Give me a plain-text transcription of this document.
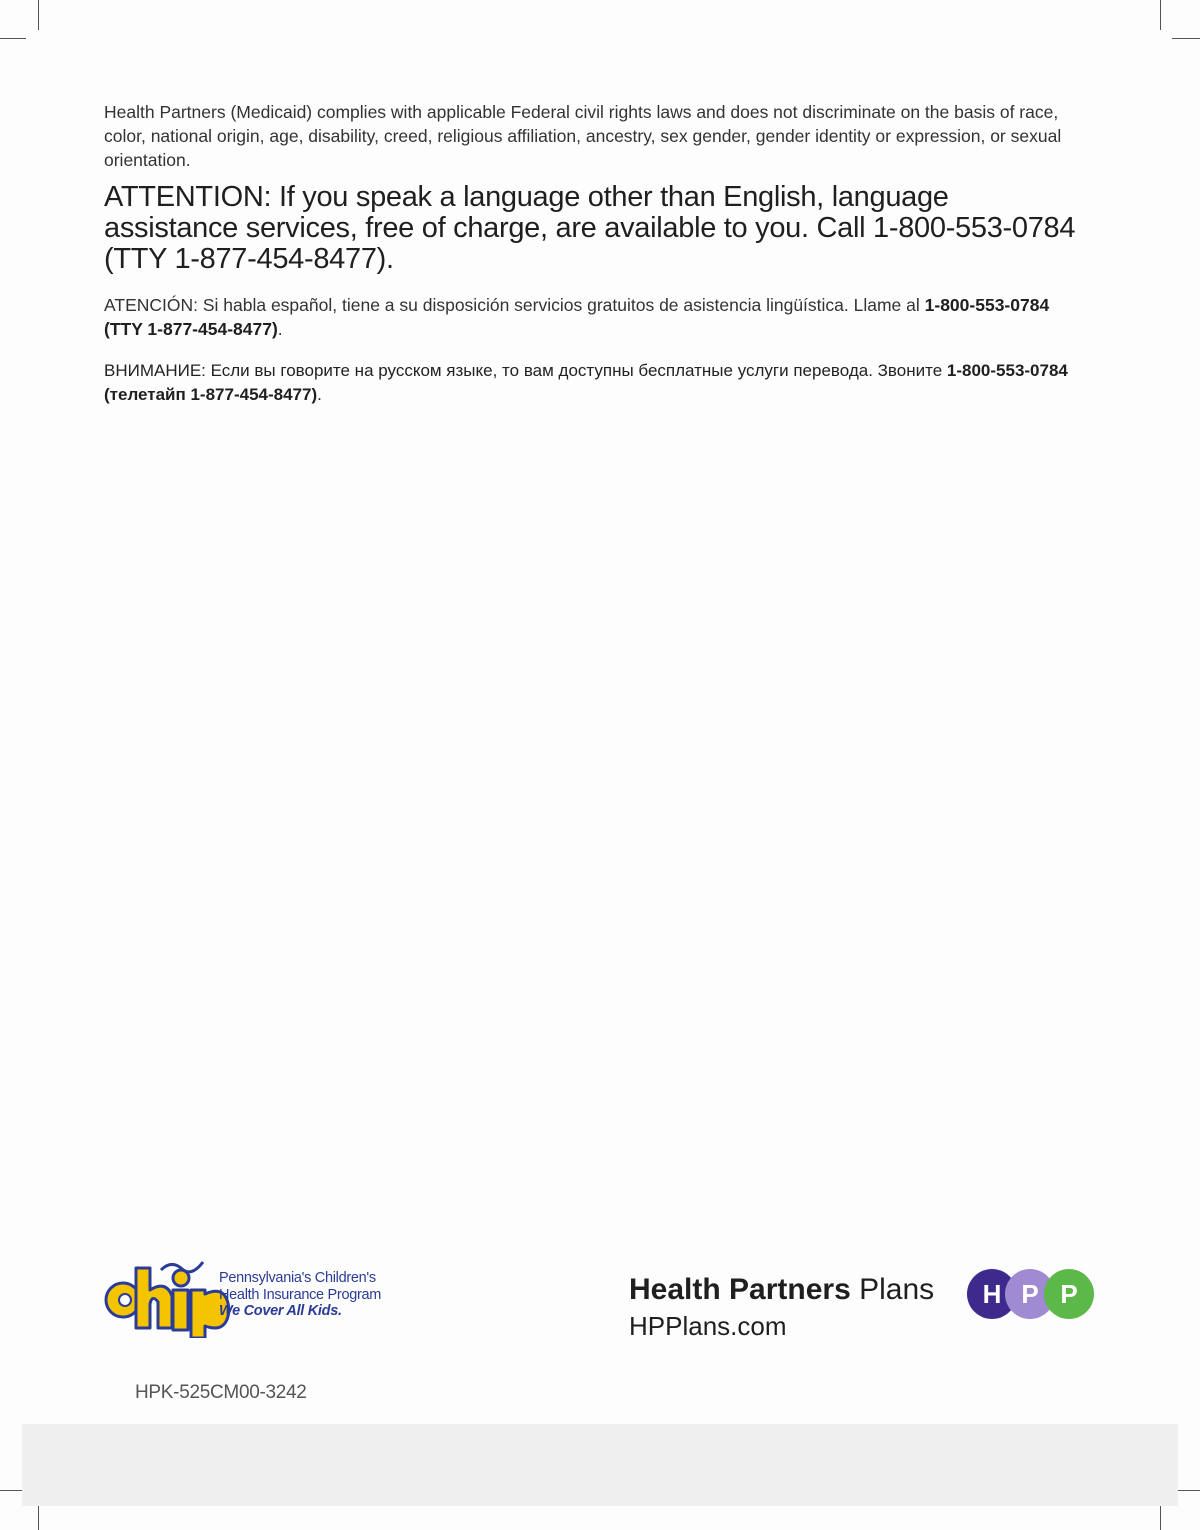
Health Partners (Medicaid) complies with applicable Federal civil rights laws and does not discriminate on the basis of race, color, national origin, age, disability, creed, religious affiliation, ancestry, sex gender, gender identity or expression, or sexual orientation.

ATTENTION: If you speak a language other than English, language assistance services, free of charge, are available to you. Call 1-800-553-0784 (TTY 1-877-454-8477).

ATENCIÓN: Si habla español, tiene a su disposición servicios gratuitos de asistencia lingüística. Llame al 1-800-553-0784 (TTY 1-877-454-8477).

ВНИМАНИЕ: Если вы говорите на русском языке, то вам доступны бесплатные услуги перевода. Звоните 1-800-553-0784 (телетайп 1-877-454-8477).

Pennsylvania's Children's
Health Insurance Program
We Cover All Kids.
Health Partners Plans
HPPlans.com
H P P
HPK-525CM00-3242
